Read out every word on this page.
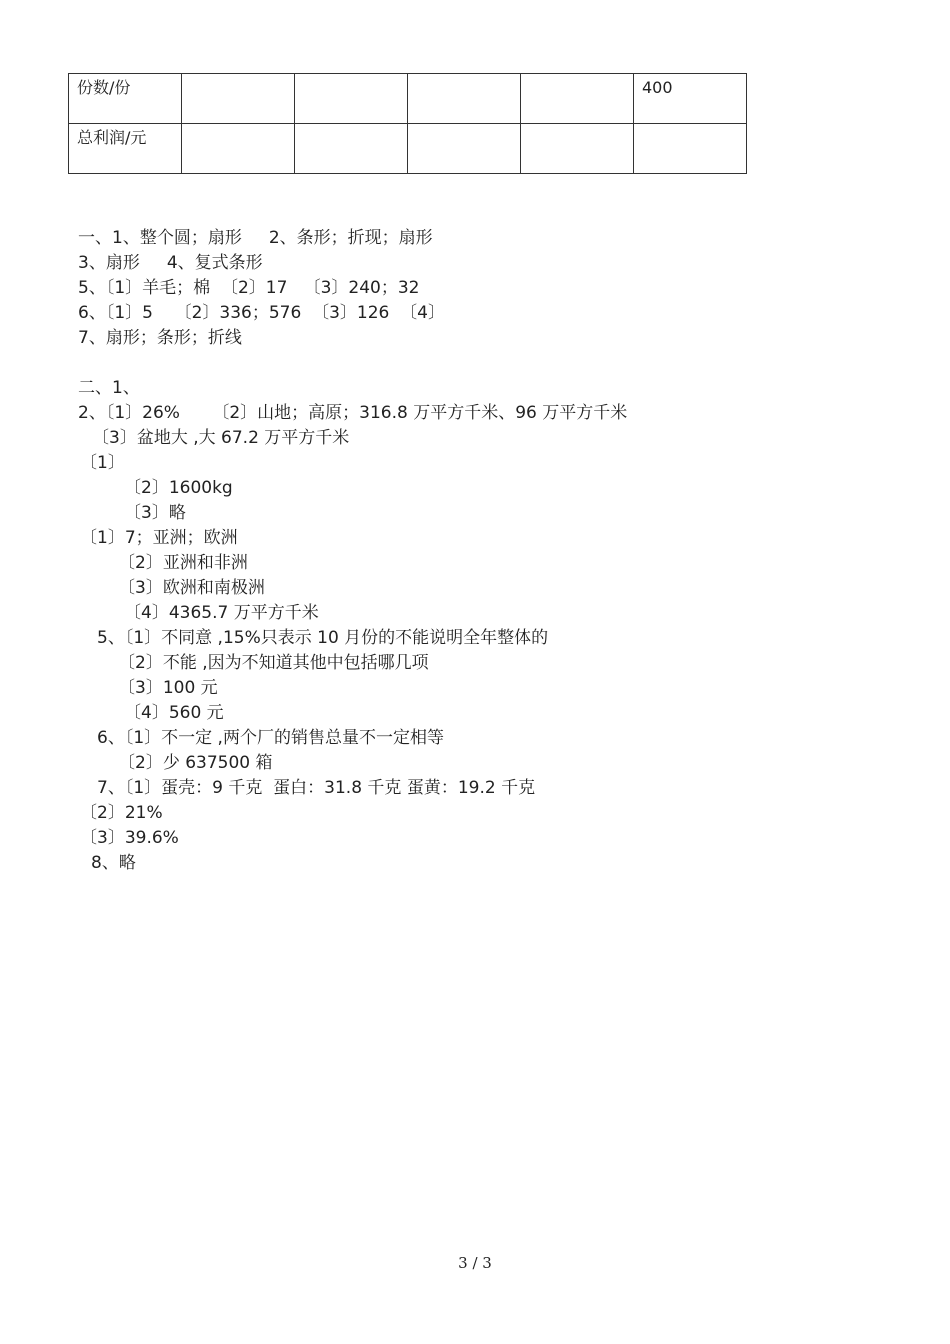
份数/份					400
总利润/元					
一、1、整个圆；扇形     2、条形；折现；扇形
3、扇形     4、复式条形
5、〔1〕羊毛；棉  〔2〕17   〔3〕240；32
6、〔1〕5    〔2〕336；576  〔3〕126  〔4〕
7、扇形；条形；折线
二、1、
2、〔1〕26%      〔2〕山地；高原；316.8 万平方千米、96 万平方千米
〔3〕盆地大 ,大 67.2 万平方千米
〔1〕
〔2〕1600kg
〔3〕略
〔1〕7；亚洲；欧洲
〔2〕亚洲和非洲
〔3〕欧洲和南极洲
〔4〕4365.7 万平方千米
5、〔1〕不同意 ,15%只表示 10 月份的不能说明全年整体的
〔2〕不能 ,因为不知道其他中包括哪几项
〔3〕100 元
〔4〕560 元
6、〔1〕不一定 ,两个厂的销售总量不一定相等
〔2〕少 637500 箱
7、〔1〕蛋壳：9 千克  蛋白：31.8 千克 蛋黄：19.2 千克
〔2〕21%
〔3〕39.6%
8、略
3 / 3
